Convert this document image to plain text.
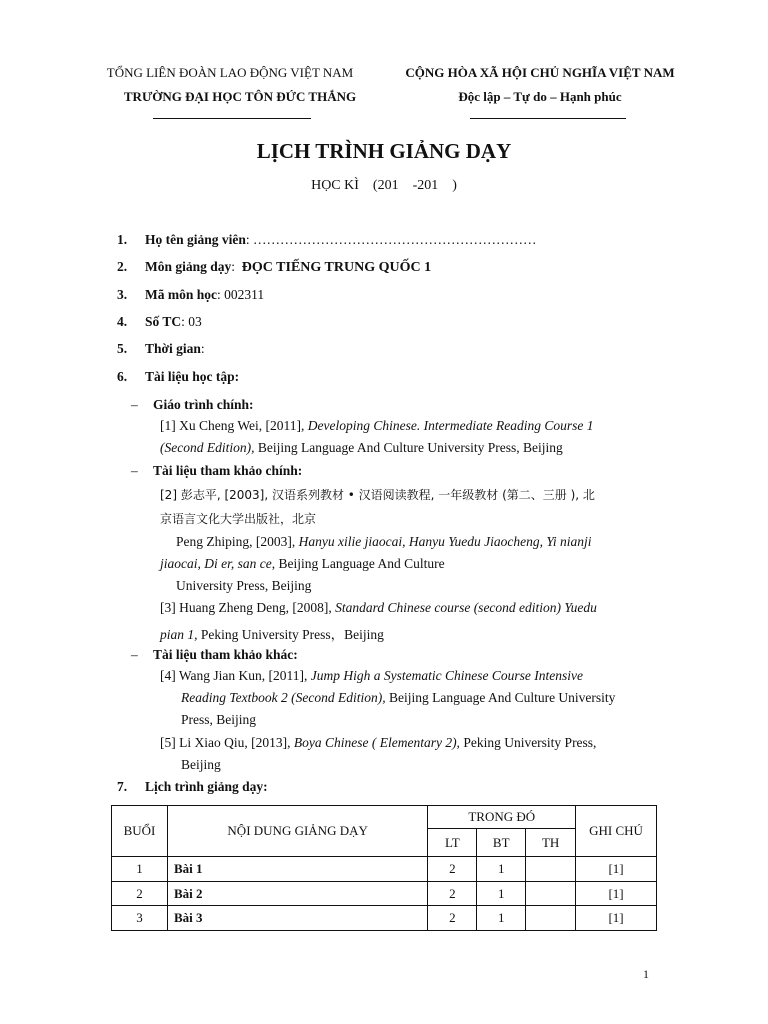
TỔNG LIÊN ĐOÀN LAO ĐỘNG VIỆT NAM
TRƯỜNG ĐẠI HỌC TÔN ĐỨC THẮNG
CỘNG HÒA XÃ HỘI CHỦ NGHĨA VIỆT NAM
Độc lập – Tự do – Hạnh phúc
LỊCH TRÌNH GIẢNG DẠY
HỌC KÌ    (201    -201    )
1. Họ tên giảng viên: ………………………………………………………
2. Môn giảng dạy: ĐỌC TIẾNG TRUNG QUỐC 1
3. Mã môn học: 002311
4. Số TC: 03
5. Thời gian:
6. Tài liệu học tập:
– Giáo trình chính:
[1] Xu Cheng Wei, [2011], Developing Chinese. Intermediate Reading Course 1
(Second Edition), Beijing Language And Culture University Press, Beijing
– Tài liệu tham khảo chính:
[2] 彭志平, [2003], 汉语系列教材 • 汉语阅读教程, 一年级教材 (第二、三册 ), 北
京语言文化大学出版社，北京
Peng Zhiping, [2003], Hanyu xilie jiaocai, Hanyu Yuedu Jiaocheng, Yi nianji
jiaocai, Di er, san ce, Beijing Language And Culture
University Press, Beijing
[3] Huang Zheng Deng, [2008], Standard Chinese course (second edition) Yuedu
pian 1, Peking University Press，Beijing
– Tài liệu tham khảo khác:
[4] Wang Jian Kun, [2011], Jump High a Systematic Chinese Course Intensive
Reading Textbook 2 (Second Edition), Beijing Language And Culture University
Press, Beijing
[5] Li Xiao Qiu, [2013], Boya Chinese ( Elementary 2), Peking University Press,
Beijing
7. Lịch trình giảng dạy:
BUỔI	NỘI DUNG GIẢNG DẠY	TRONG ĐÓ			GHI CHÚ
		LT	BT	TH	
1	Bài 1	2	1		[1]
2	Bài 2	2	1		[1]
3	Bài 3	2	1		[1]
1
